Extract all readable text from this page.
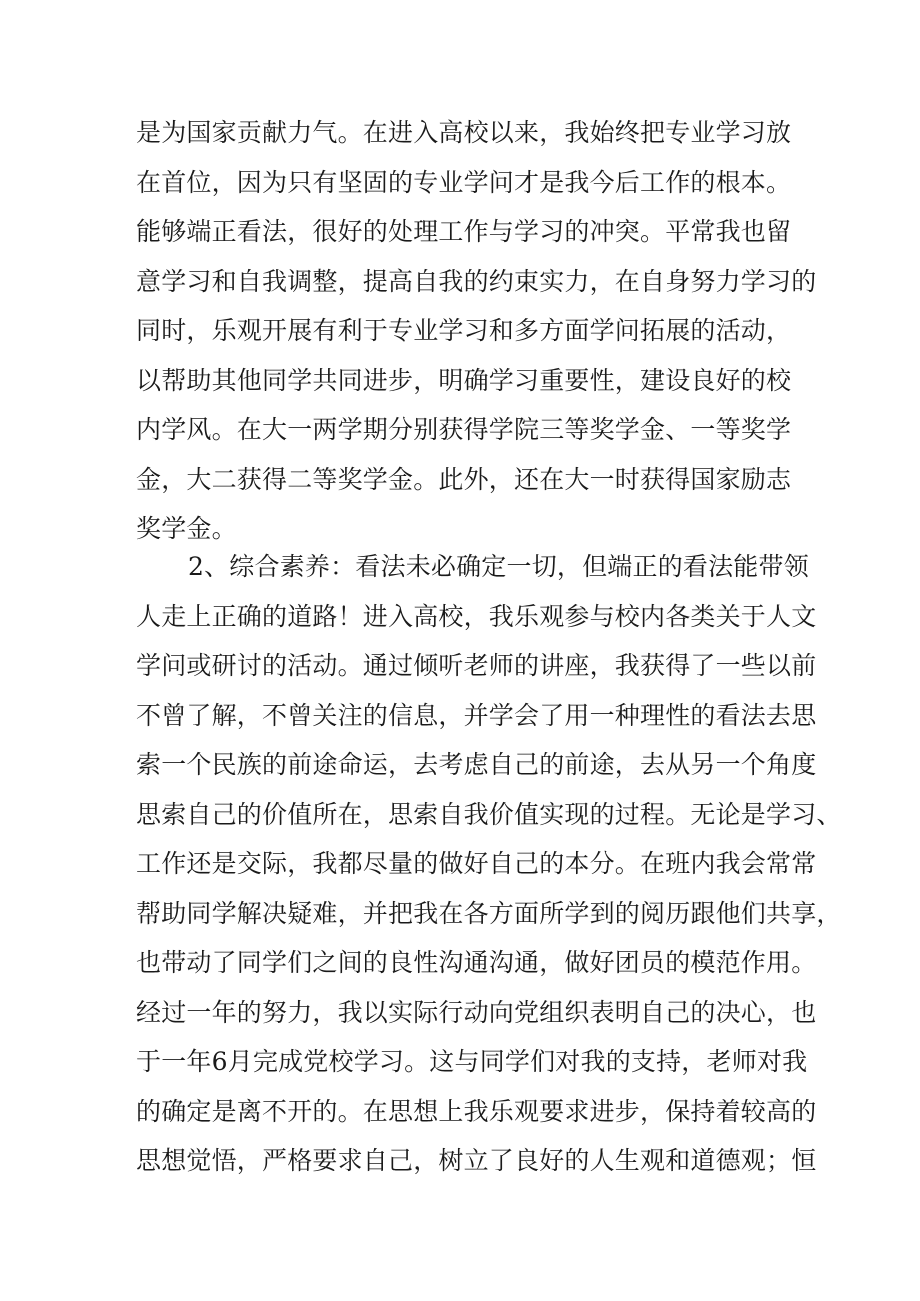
是为国家贡献力气。在进入高校以来，我始终把专业学习放
在首位，因为只有坚固的专业学问才是我今后工作的根本。
能够端正看法，很好的处理工作与学习的冲突。平常我也留
意学习和自我调整，提高自我的约束实力，在自身努力学习的
同时，乐观开展有利于专业学习和多方面学问拓展的活动，
以帮助其他同学共同进步，明确学习重要性，建设良好的校
内学风。在大一两学期分别获得学院三等奖学金、一等奖学
金，大二获得二等奖学金。此外，还在大一时获得国家励志
奖学金。
2、综合素养：看法未必确定一切，但端正的看法能带领
人走上正确的道路！进入高校，我乐观参与校内各类关于人文
学问或研讨的活动。通过倾听老师的讲座，我获得了一些以前
不曾了解，不曾关注的信息，并学会了用一种理性的看法去思
索一个民族的前途命运，去考虑自己的前途，去从另一个角度
思索自己的价值所在，思索自我价值实现的过程。无论是学习、
工作还是交际，我都尽量的做好自己的本分。在班内我会常常
帮助同学解决疑难，并把我在各方面所学到的阅历跟他们共享，
也带动了同学们之间的良性沟通沟通，做好团员的模范作用。
经过一年的努力，我以实际行动向党组织表明自己的决心，也
于一年6月完成党校学习。这与同学们对我的支持，老师对我
的确定是离不开的。在思想上我乐观要求进步，保持着较高的
思想觉悟，严格要求自己，树立了良好的人生观和道德观；恒
